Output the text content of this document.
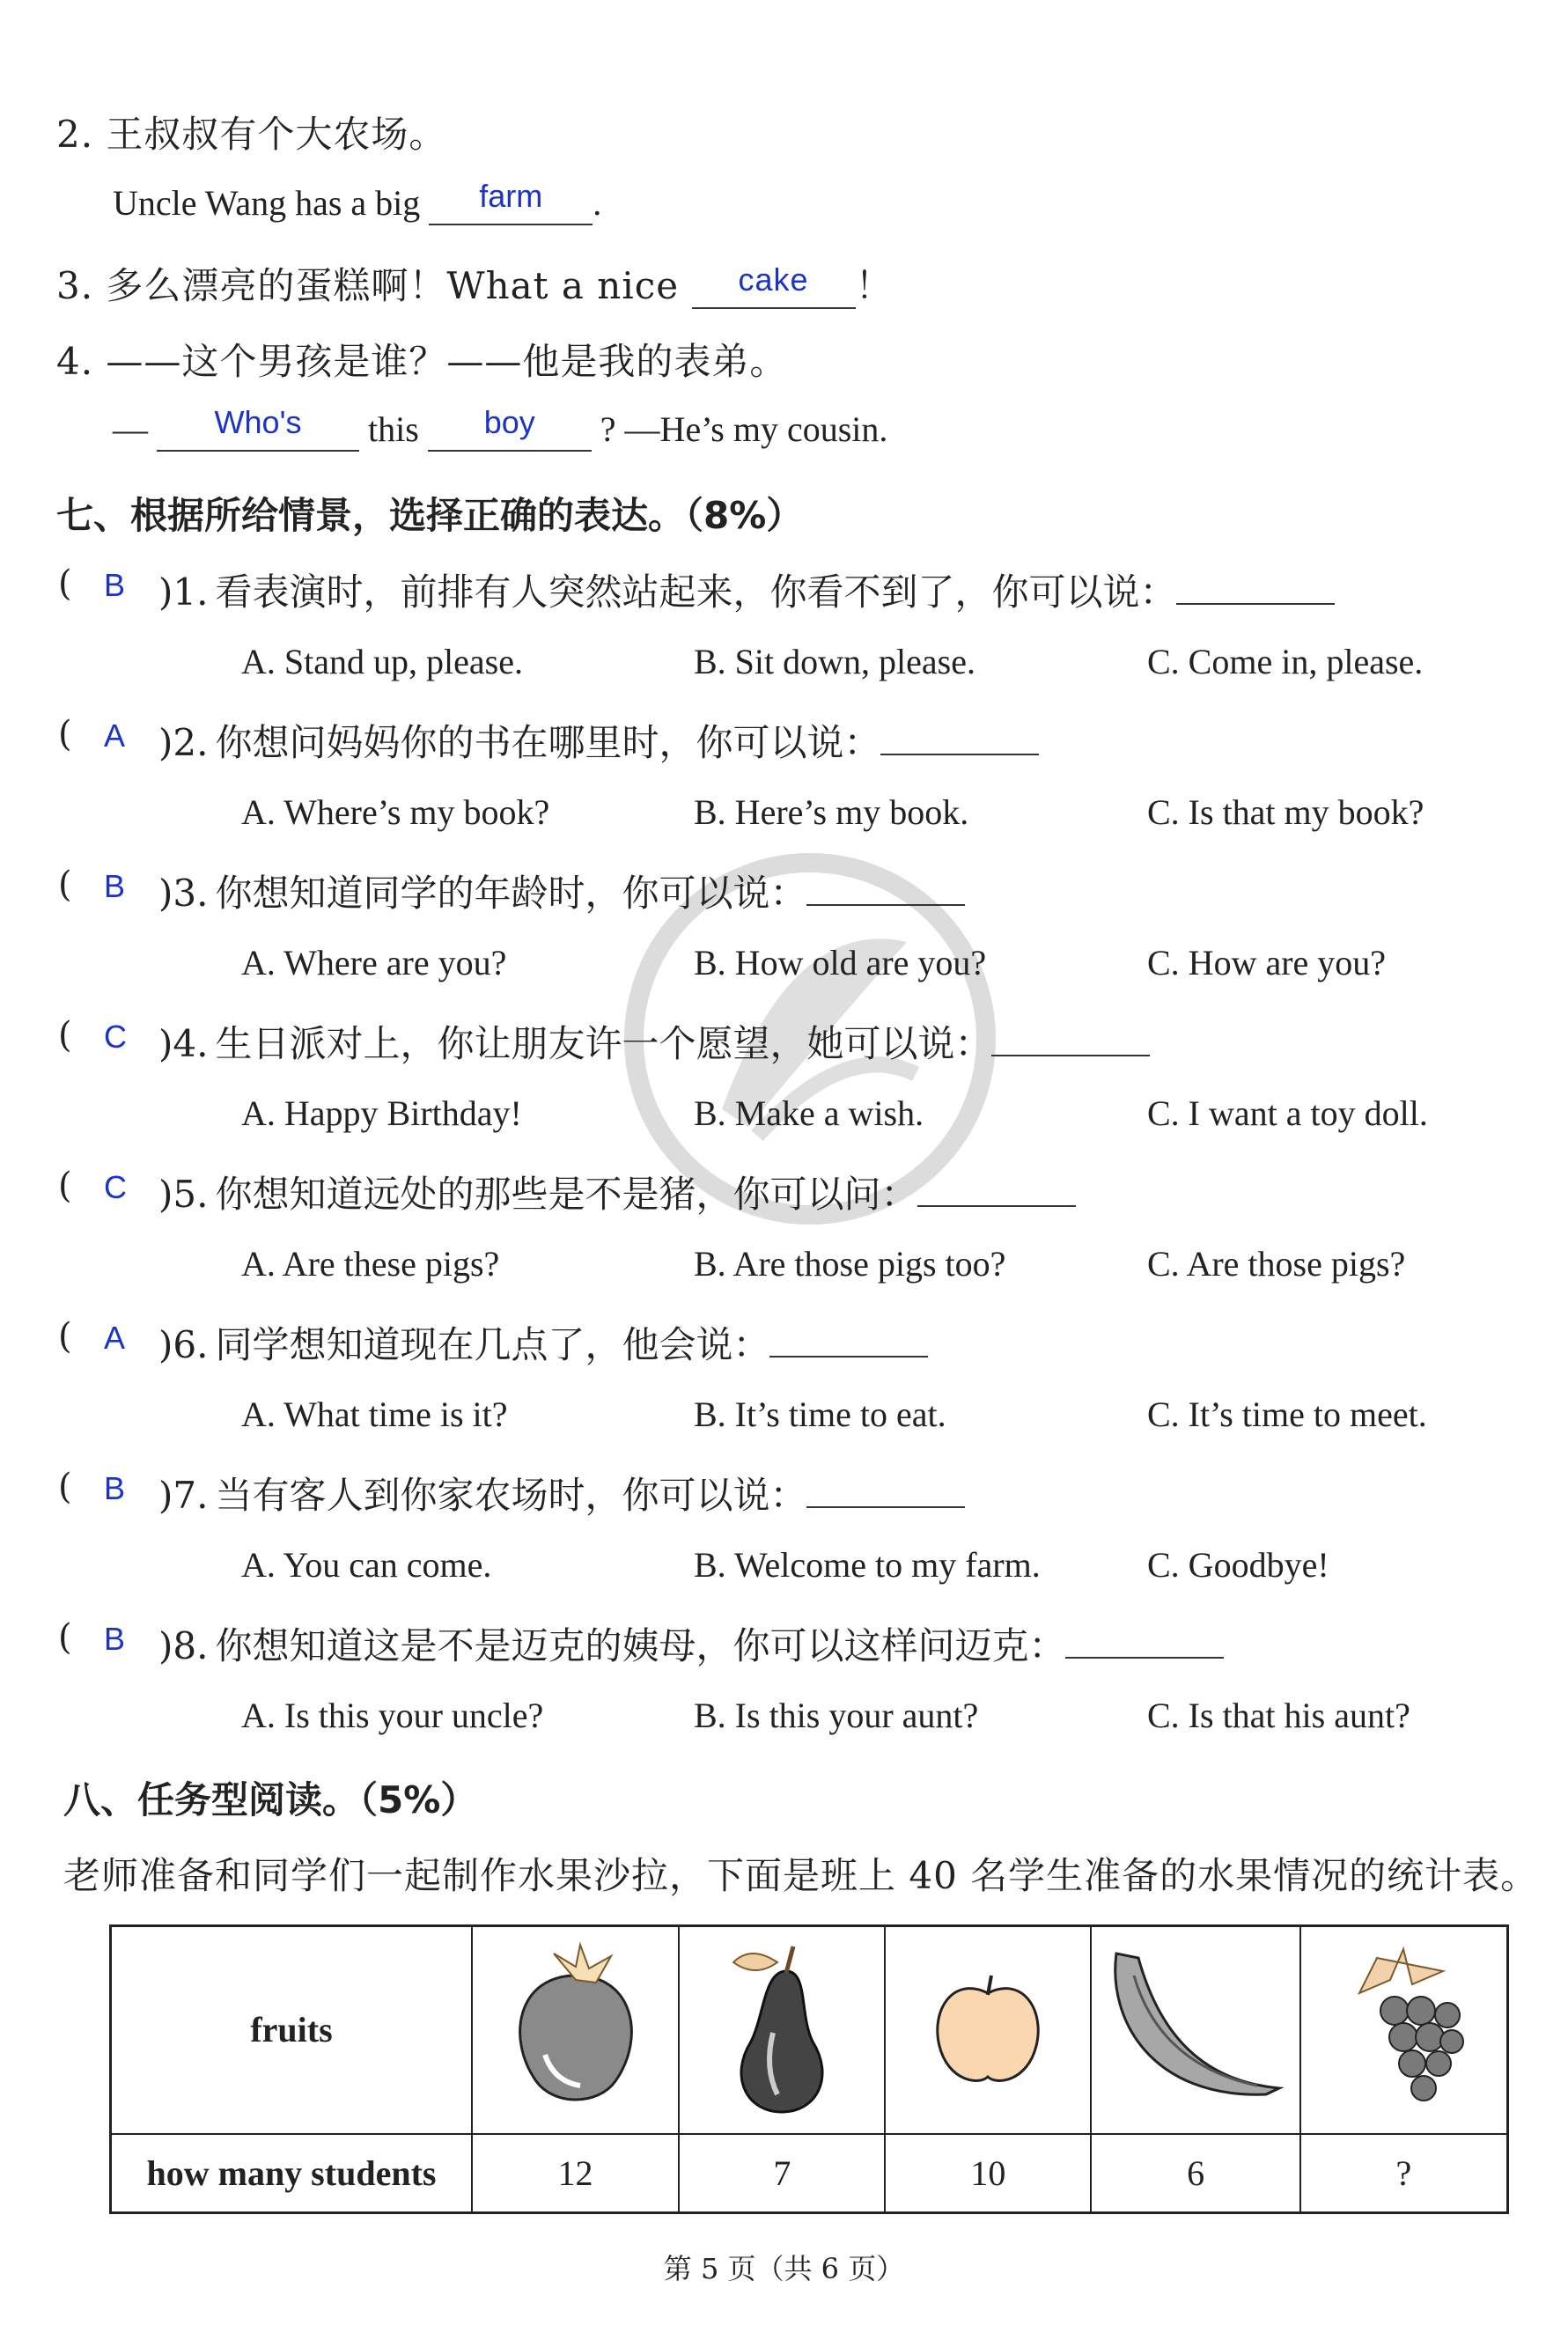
2. 王叔叔有个大农场。
Uncle Wang has a big	farm	.
3. 多么漂亮的蛋糕啊！What a nice	cake	！
4. ——这个男孩是谁？——他是我的表弟。
—	Who's	this	boy	? —He’s my cousin.
七、根据所给情景，选择正确的表达。（8%）
( B )1. 看表演时，前排有人突然站起来，你看不到了，你可以说：
A. Stand up, please.	B. Sit down, please.	C. Come in, please.
( A )2. 你想问妈妈你的书在哪里时，你可以说：
A. Where’s my book?	B. Here’s my book.	C. Is that my book?
( B )3. 你想知道同学的年龄时，你可以说：
A. Where are you?	B. How old are you?	C. How are you?
( C )4. 生日派对上，你让朋友许一个愿望，她可以说：
A. Happy Birthday!	B. Make a wish.	C. I want a toy doll.
( C )5. 你想知道远处的那些是不是猪，你可以问：
A. Are these pigs?	B. Are those pigs too?	C. Are those pigs?
( A )6. 同学想知道现在几点了，他会说：
A. What time is it?	B. It’s time to eat.	C. It’s time to meet.
( B )7. 当有客人到你家农场时，你可以说：
A. You can come.	B. Welcome to my farm.	C. Goodbye!
( B )8. 你想知道这是不是迈克的姨母，你可以这样问迈克：
A. Is this your uncle?	B. Is this your aunt?	C. Is that his aunt?
八、任务型阅读。（5%）
老师准备和同学们一起制作水果沙拉，下面是班上 40 名学生准备的水果情况的统计表。
fruits					
how many students	12	7	10	6	?
第 5 页（共 6 页）
